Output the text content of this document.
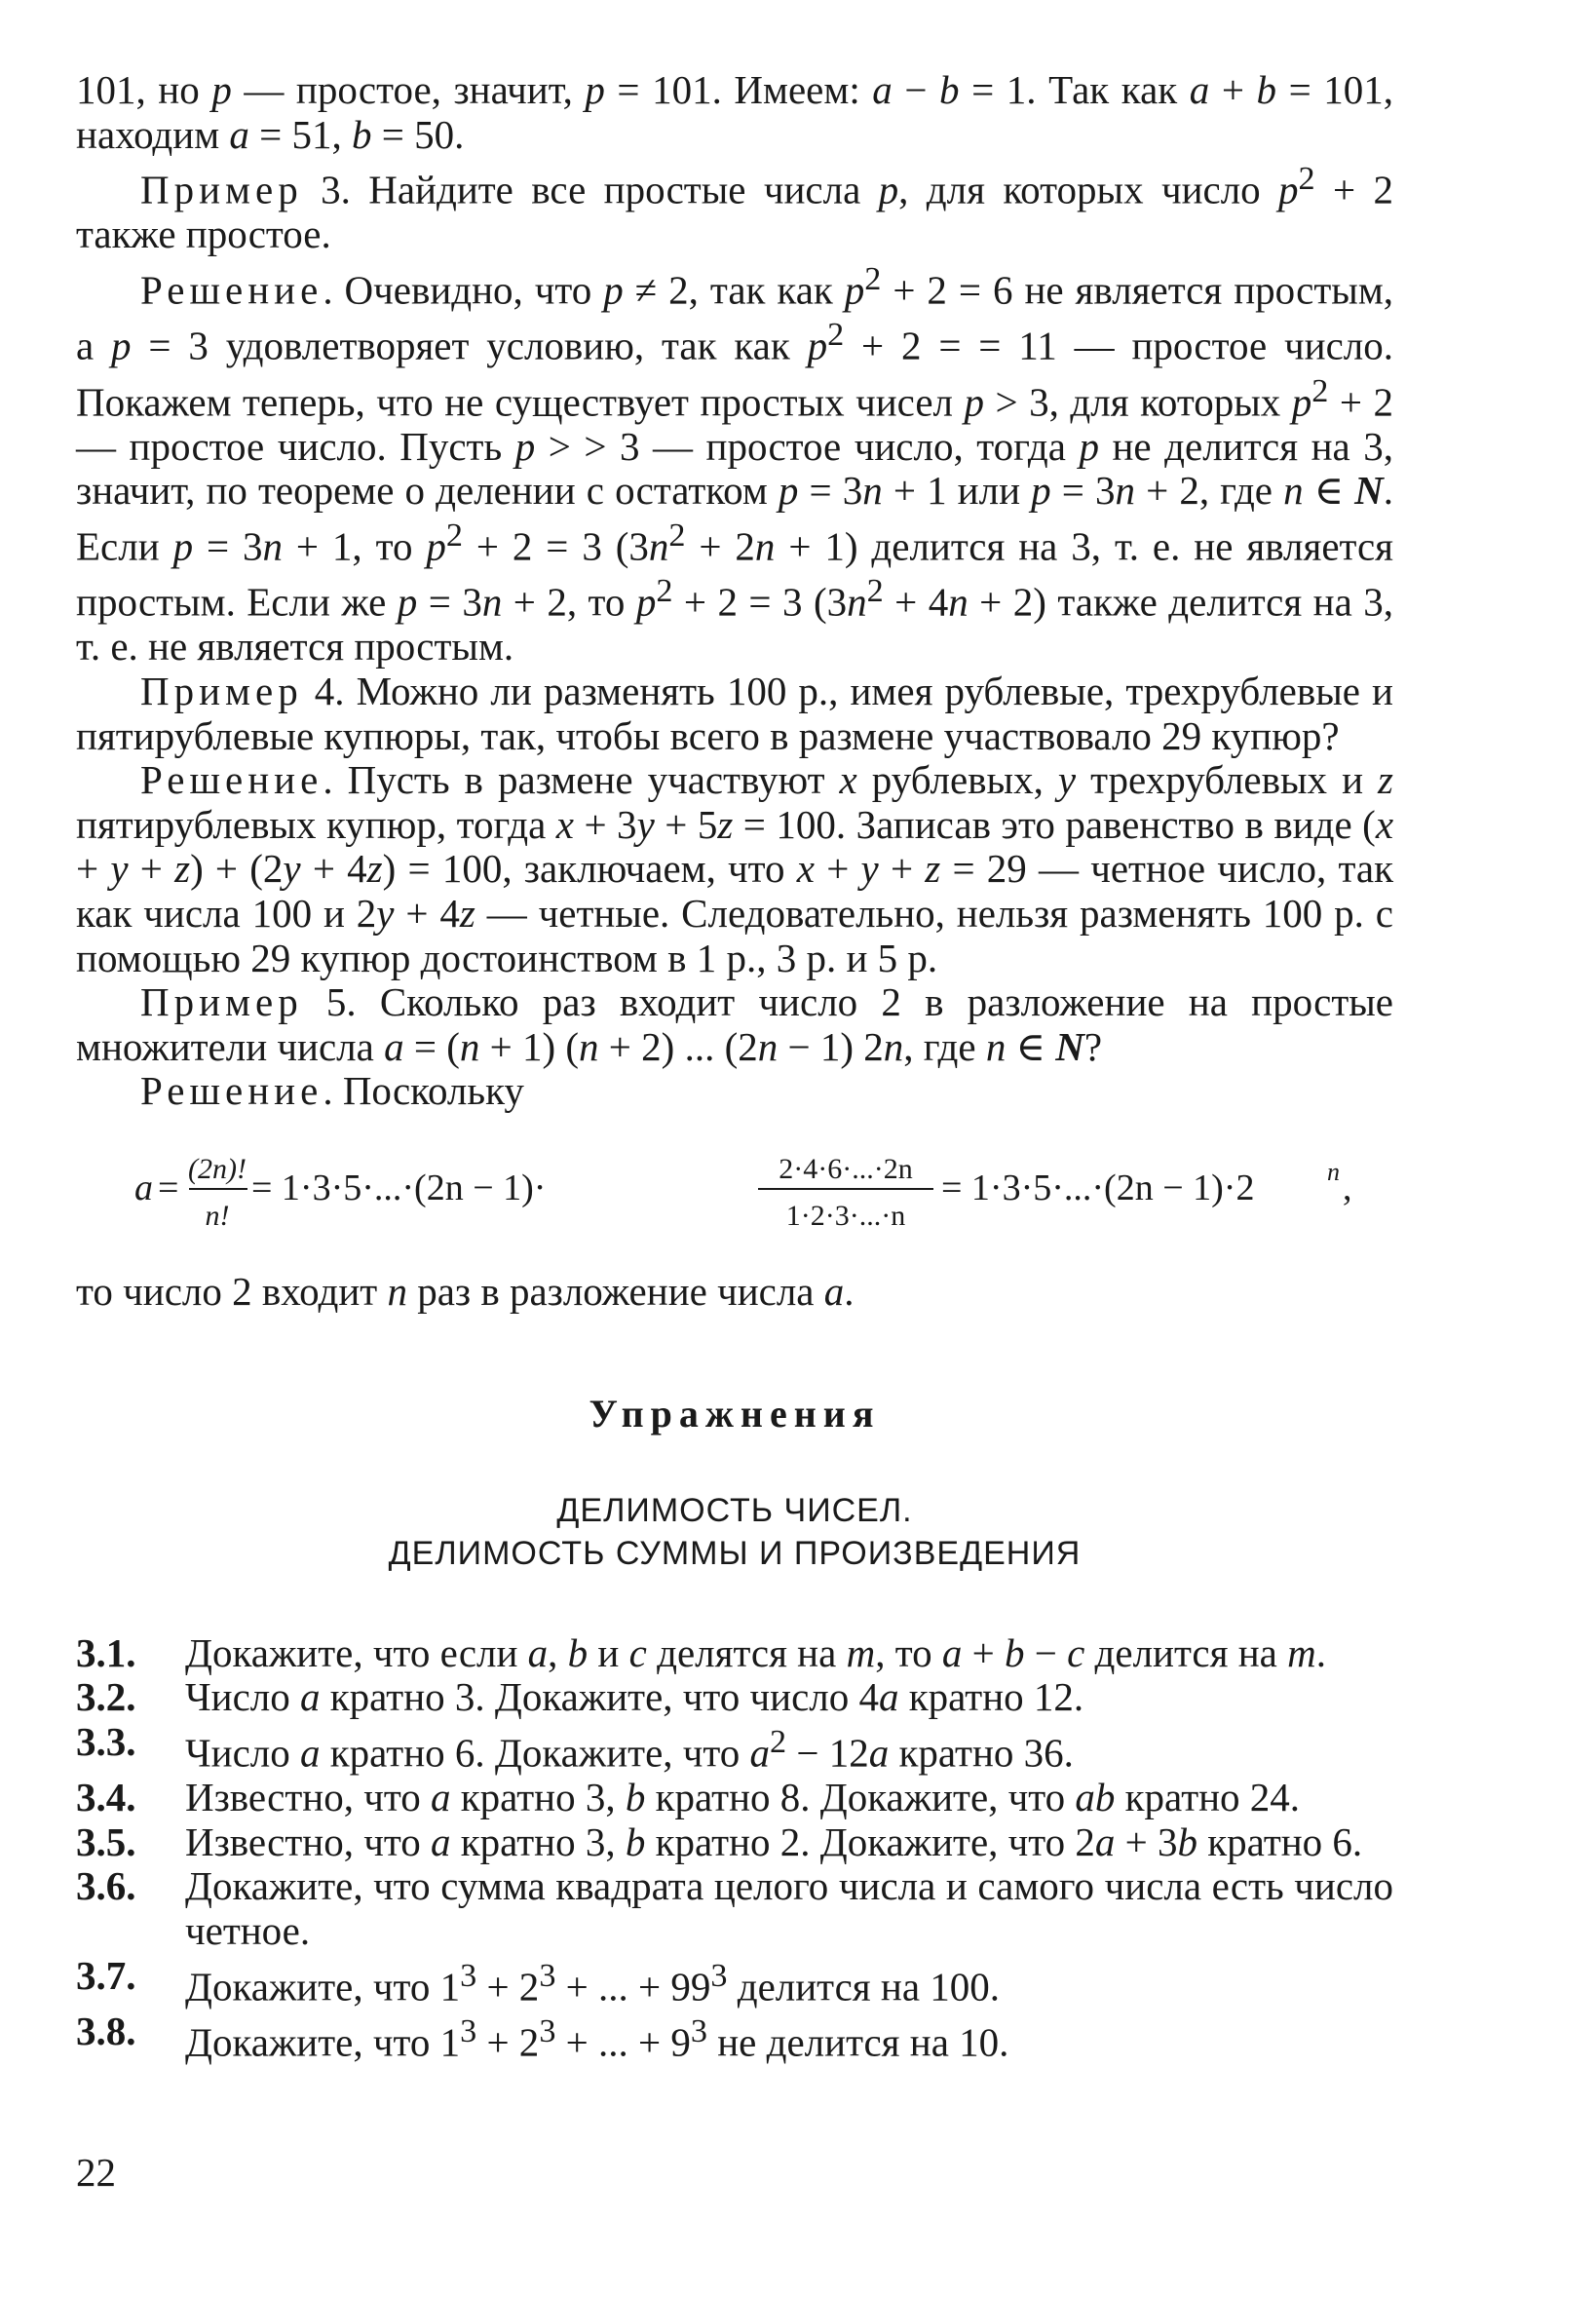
101, но p — простое, значит, p = 101. Имеем: a − b = 1. Так как a + b = 101, находим a = 51, b = 50.

Пример 3. Найдите все простые числа p, для которых число $p^2 + 2$ также простое.

Решение. Очевидно, что p ≠ 2, так как $p^2 + 2 = 6$ не является простым, а p = 3 удовлетворяет условию, так как $p^2 + 2$ = = 11 — простое число. Покажем теперь, что не существует простых чисел p > 3, для которых $p^2 + 2$ — простое число. Пусть p > > 3 — простое число, тогда p не делится на 3, значит, по теореме о делении с остатком p = 3n + 1 или p = 3n + 2, где n ∈ N. Если p = 3n + 1, то $p^2 + 2 = 3$ $(3n^2 + 2n + 1)$ делится на 3, т. е. не является простым. Если же p = 3n + 2, то $p^2 + 2 = 3$ $(3n^2 + 4n + 2)$ также делится на 3, т. е. не является простым.

Пример 4. Можно ли разменять 100 р., имея рублевые, трехрублевые и пятирублевые купюры, так, чтобы всего в размене участвовало 29 купюр?

Решение. Пусть в размене участвуют x рублевых, y трехрублевых и z пятирублевых купюр, тогда x + 3y + 5z = 100. Записав это равенство в виде (x + y + z) + (2y + 4z) = 100, заключаем, что x + y + z = 29 — четное число, так как числа 100 и 2y + 4z — четные. Следовательно, нельзя разменять 100 р. с помощью 29 купюр достоинством в 1 р., 3 р. и 5 р.

Пример 5. Сколько раз входит число 2 в разложение на простые множители числа a = (n + 1) (n + 2) ... (2n − 1) 2n, где n ∈ N?

Решение. Поскольку

a = (2n)!
n!
= 1·3·5·...·(2n − 1)·	2·4·6·...·2n
1·2·3·...·n
= 1·3·5·...·(2n − 1)·2	n ,

то число 2 входит n раз в разложение числа a.

Упражнения
ДЕЛИМОСТЬ ЧИСЕЛ.
ДЕЛИМОСТЬ СУММЫ И ПРОИЗВЕДЕНИЯ
3.1.	Докажите, что если a, b и c делятся на m, то a + b − c делится на m.
3.2.	Число a кратно 3. Докажите, что число 4a кратно 12.
3.3.	Число a кратно 6. Докажите, что $a^2 - 12a$ кратно 36.
3.4.	Известно, что a кратно 3, b кратно 8. Докажите, что ab кратно 24.
3.5.	Известно, что a кратно 3, b кратно 2. Докажите, что 2a + 3b кратно 6.
3.6.	Докажите, что сумма квадрата целого числа и самого числа есть число четное.
3.7.	Докажите, что $1^3 + 2^3$ + ... + $99^3$ делится на 100.
3.8.	Докажите, что $1^3 + 2^3$ + ... + $9^3$ не делится на 10.
22
